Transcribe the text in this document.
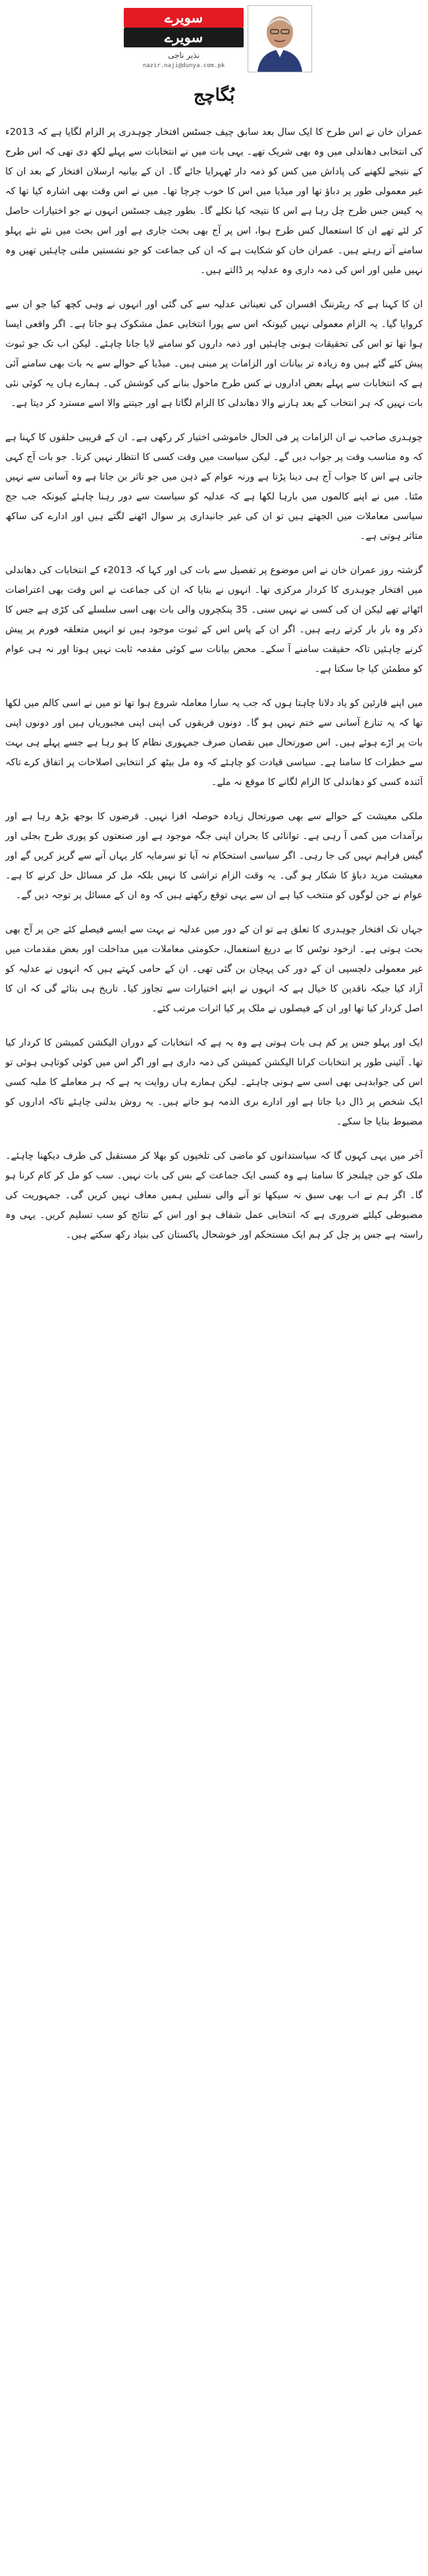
سویرے
سویرے
نذیر ناجی
nazir.naji@dunya.com.pk
بُگاچج

عمران خان نے اس طرح کا ایک سال بعد سابق چیف جسٹس افتخار چوہدری پر الزام لگایا ہے کہ 2013ء کی انتخابی دھاندلی میں وہ بھی شریک تھے۔ یہی بات میں نے انتخابات سے پہلے لکھ دی تھی کہ اس طرح کے نتیجے لکھنے کی پاداش میں کس کو ذمہ دار ٹھہرایا جائے گا۔ ان کے بیانیہ ارسلان افتخار کے بعد ان کا غیر معمولی طور پر دباؤ تھا اور میڈیا میں اس کا خوب چرچا تھا۔ میں نے اس وقت بھی اشارہ کیا تھا کہ یہ کیس جس طرح چل رہا ہے اس کا نتیجہ کیا نکلے گا۔ بطور چیف جسٹس انہوں نے جو اختیارات حاصل کر لئے تھے ان کا استعمال کس طرح ہوا، اس پر آج بھی بحث جاری ہے اور اس بحث میں نئے نئے پہلو سامنے آتے رہتے ہیں۔ عمران خان کو شکایت ہے کہ ان کی جماعت کو جو نشستیں ملنی چاہئیں تھیں وہ نہیں ملیں اور اس کی ذمہ داری وہ عدلیہ پر ڈالتے ہیں۔

ان کا کہنا ہے کہ ریٹرننگ افسران کی تعیناتی عدلیہ سے کی گئی اور انہوں نے وہی کچھ کیا جو ان سے کروایا گیا۔ یہ الزام معمولی نہیں کیونکہ اس سے پورا انتخابی عمل مشکوک ہو جاتا ہے۔ اگر واقعی ایسا ہوا تھا تو اس کی تحقیقات ہونی چاہئیں اور ذمہ داروں کو سامنے لایا جانا چاہئے۔ لیکن اب تک جو ثبوت پیش کئے گئے ہیں وہ زیادہ تر بیانات اور الزامات پر مبنی ہیں۔ میڈیا کے حوالے سے یہ بات بھی سامنے آئی ہے کہ انتخابات سے پہلے بعض اداروں نے کس طرح ماحول بنانے کی کوشش کی۔ ہمارے ہاں یہ کوئی نئی بات نہیں کہ ہر انتخاب کے بعد ہارنے والا دھاندلی کا الزام لگاتا ہے اور جیتنے والا اسے مسترد کر دیتا ہے۔

چوہدری صاحب نے ان الزامات پر فی الحال خاموشی اختیار کر رکھی ہے۔ ان کے قریبی حلقوں کا کہنا ہے کہ وہ مناسب وقت پر جواب دیں گے۔ لیکن سیاست میں وقت کسی کا انتظار نہیں کرتا۔ جو بات آج کہی جاتی ہے اس کا جواب آج ہی دینا پڑتا ہے ورنہ عوام کے ذہن میں جو تاثر بن جاتا ہے وہ آسانی سے نہیں مٹتا۔ میں نے اپنے کالموں میں بارہا لکھا ہے کہ عدلیہ کو سیاست سے دور رہنا چاہئے کیونکہ جب جج سیاسی معاملات میں الجھتے ہیں تو ان کی غیر جانبداری پر سوال اٹھنے لگتے ہیں اور ادارے کی ساکھ متاثر ہوتی ہے۔

گزشتہ روز عمران خان نے اس موضوع پر تفصیل سے بات کی اور کہا کہ 2013ء کے انتخابات کی دھاندلی میں افتخار چوہدری کا کردار مرکزی تھا۔ انہوں نے بتایا کہ ان کی جماعت نے اس وقت بھی اعتراضات اٹھائے تھے لیکن ان کی کسی نے نہیں سنی۔ 35 پنکچروں والی بات بھی اسی سلسلے کی کڑی ہے جس کا ذکر وہ بار بار کرتے رہے ہیں۔ اگر ان کے پاس اس کے ثبوت موجود ہیں تو انہیں متعلقہ فورم پر پیش کرنے چاہئیں تاکہ حقیقت سامنے آ سکے۔ محض بیانات سے کوئی مقدمہ ثابت نہیں ہوتا اور نہ ہی عوام کو مطمئن کیا جا سکتا ہے۔

میں اپنے قارئین کو یاد دلانا چاہتا ہوں کہ جب یہ سارا معاملہ شروع ہوا تھا تو میں نے اسی کالم میں لکھا تھا کہ یہ تنازع آسانی سے ختم نہیں ہو گا۔ دونوں فریقوں کی اپنی اپنی مجبوریاں ہیں اور دونوں اپنی بات پر اڑے ہوئے ہیں۔ اس صورتحال میں نقصان صرف جمہوری نظام کا ہو رہا ہے جسے پہلے ہی بہت سے خطرات کا سامنا ہے۔ سیاسی قیادت کو چاہئے کہ وہ مل بیٹھ کر انتخابی اصلاحات پر اتفاق کرے تاکہ آئندہ کسی کو دھاندلی کا الزام لگانے کا موقع نہ ملے۔

ملکی معیشت کے حوالے سے بھی صورتحال زیادہ حوصلہ افزا نہیں۔ قرضوں کا بوجھ بڑھ رہا ہے اور برآمدات میں کمی آ رہی ہے۔ توانائی کا بحران اپنی جگہ موجود ہے اور صنعتوں کو پوری طرح بجلی اور گیس فراہم نہیں کی جا رہی۔ اگر سیاسی استحکام نہ آیا تو سرمایہ کار یہاں آنے سے گریز کریں گے اور معیشت مزید دباؤ کا شکار ہو گی۔ یہ وقت الزام تراشی کا نہیں بلکہ مل کر مسائل حل کرنے کا ہے۔ عوام نے جن لوگوں کو منتخب کیا ہے ان سے یہی توقع رکھتے ہیں کہ وہ ان کے مسائل پر توجہ دیں گے۔

جہاں تک افتخار چوہدری کا تعلق ہے تو ان کے دور میں عدلیہ نے بہت سے ایسے فیصلے کئے جن پر آج بھی بحث ہوتی ہے۔ ازخود نوٹس کا بے دریغ استعمال، حکومتی معاملات میں مداخلت اور بعض مقدمات میں غیر معمولی دلچسپی ان کے دور کی پہچان بن گئی تھی۔ ان کے حامی کہتے ہیں کہ انہوں نے عدلیہ کو آزاد کیا جبکہ ناقدین کا خیال ہے کہ انہوں نے اپنے اختیارات سے تجاوز کیا۔ تاریخ ہی بتائے گی کہ ان کا اصل کردار کیا تھا اور ان کے فیصلوں نے ملک پر کیا اثرات مرتب کئے۔

ایک اور پہلو جس پر کم ہی بات ہوتی ہے وہ یہ ہے کہ انتخابات کے دوران الیکشن کمیشن کا کردار کیا تھا۔ آئینی طور پر انتخابات کرانا الیکشن کمیشن کی ذمہ داری ہے اور اگر اس میں کوئی کوتاہی ہوئی تو اس کی جوابدہی بھی اسی سے ہونی چاہئے۔ لیکن ہمارے ہاں روایت یہ ہے کہ ہر معاملے کا ملبہ کسی ایک شخص پر ڈال دیا جاتا ہے اور ادارے بری الذمہ ہو جاتے ہیں۔ یہ روش بدلنی چاہئے تاکہ اداروں کو مضبوط بنایا جا سکے۔

آخر میں یہی کہوں گا کہ سیاستدانوں کو ماضی کی تلخیوں کو بھلا کر مستقبل کی طرف دیکھنا چاہئے۔ ملک کو جن چیلنجز کا سامنا ہے وہ کسی ایک جماعت کے بس کی بات نہیں۔ سب کو مل کر کام کرنا ہو گا۔ اگر ہم نے اب بھی سبق نہ سیکھا تو آنے والی نسلیں ہمیں معاف نہیں کریں گی۔ جمہوریت کی مضبوطی کیلئے ضروری ہے کہ انتخابی عمل شفاف ہو اور اس کے نتائج کو سب تسلیم کریں۔ یہی وہ راستہ ہے جس پر چل کر ہم ایک مستحکم اور خوشحال پاکستان کی بنیاد رکھ سکتے ہیں۔
